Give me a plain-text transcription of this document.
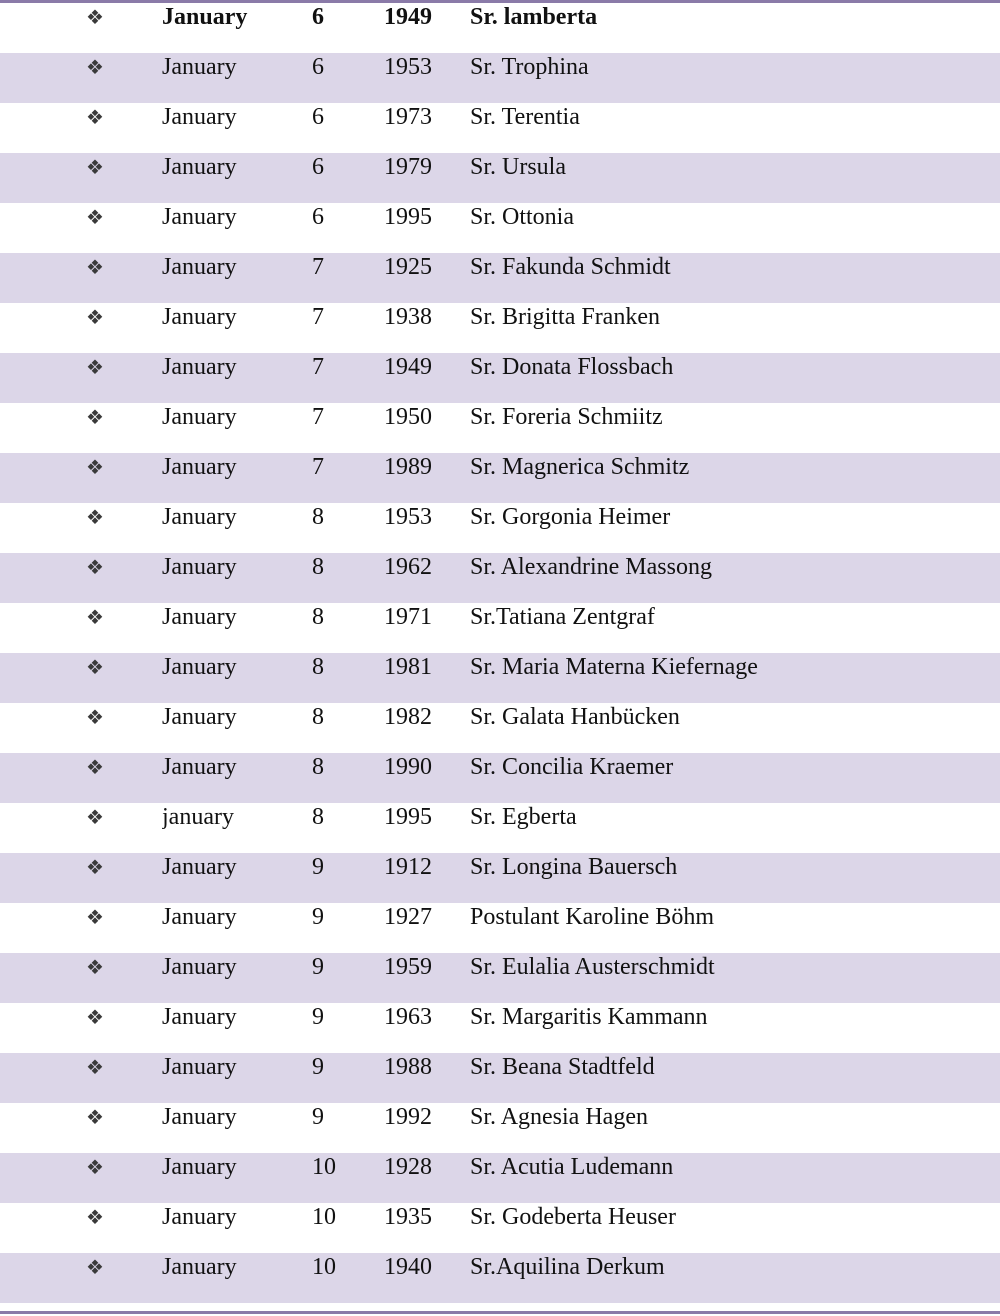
❖	January	6	1949	Sr. lamberta

❖	January	6	1953	Sr. Trophina

❖	January	6	1973	Sr. Terentia

❖	January	6	1979	Sr. Ursula

❖	January	6	1995	Sr. Ottonia

❖	January	7	1925	Sr. Fakunda Schmidt

❖	January	7	1938	Sr. Brigitta Franken

❖	January	7	1949	Sr. Donata Flossbach

❖	January	7	1950	Sr. Foreria Schmiitz

❖	January	7	1989	Sr. Magnerica Schmitz

❖	January	8	1953	Sr. Gorgonia Heimer

❖	January	8	1962	Sr. Alexandrine Massong

❖	January	8	1971	Sr.Tatiana Zentgraf

❖	January	8	1981	Sr. Maria Materna Kiefernage

❖	January	8	1982	Sr. Galata Hanbücken

❖	January	8	1990	Sr. Concilia Kraemer

❖	january	8	1995	Sr. Egberta

❖	January	9	1912	Sr. Longina Bauersch

❖	January	9	1927	Postulant Karoline Böhm

❖	January	9	1959	Sr. Eulalia Austerschmidt

❖	January	9	1963	Sr. Margaritis Kammann

❖	January	9	1988	Sr. Beana Stadtfeld

❖	January	9	1992	Sr. Agnesia Hagen

❖	January	10	1928	Sr. Acutia Ludemann

❖	January	10	1935	Sr. Godeberta Heuser

❖	January	10	1940	Sr.Aquilina Derkum
